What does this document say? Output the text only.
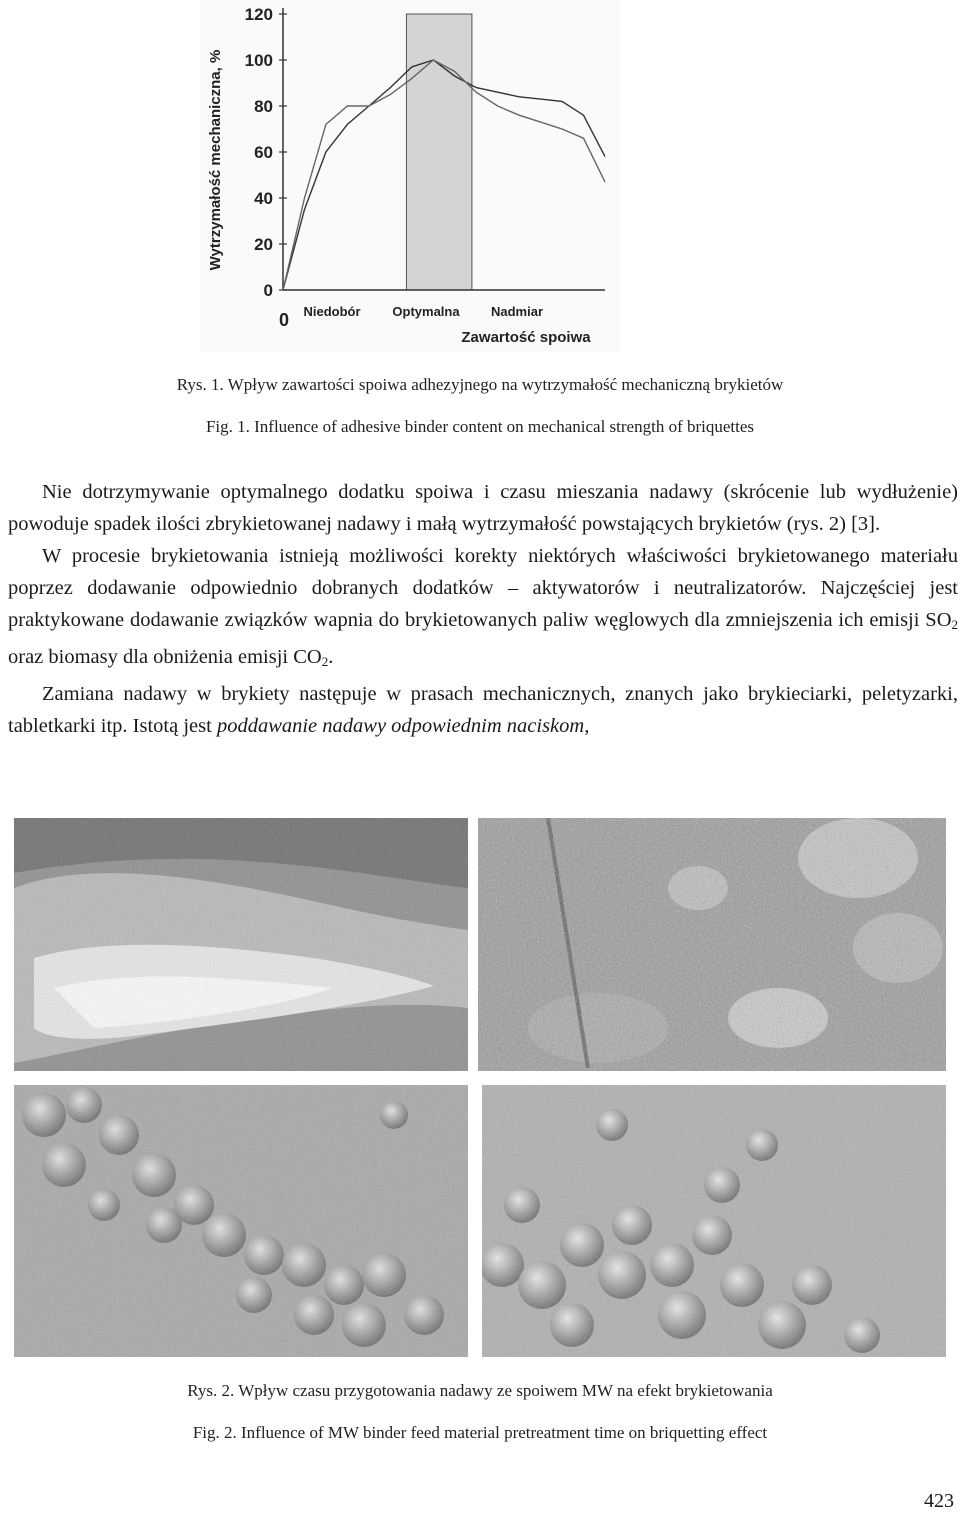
0
20
40
60
80
100
120
Wytrzymałość mechaniczna, %
Zawartość spoiwa
0 Niedobór Optymalna Nadmiar
Rys. 1. Wpływ zawartości spoiwa adhezyjnego na wytrzymałość mechaniczną brykietów
Fig. 1. Influence of adhesive binder content on mechanical strength of briquettes

Nie dotrzymywanie optymalnego dodatku spoiwa i czasu mieszania nadawy (skrócenie lub wydłużenie) powoduje spadek ilości zbrykietowanej nadawy i małą wytrzymałość powstających brykietów (rys. 2) [3].

W procesie brykietowania istnieją możliwości korekty niektórych właściwości brykietowanego materiału poprzez dodawanie odpowiednio dobranych dodatków – aktywatorów i neutralizatorów. Najczęściej jest praktykowane dodawanie związków wapnia do brykietowanych paliw węglowych dla zmniejszenia ich emisji $SO_2$ oraz biomasy dla obniżenia emisji $CO_2$.

Zamiana nadawy w brykiety następuje w prasach mechanicznych, znanych jako brykieciarki, peletyzarki, tabletkarki itp. Istotą jest poddawanie nadawy odpowiednim naciskom,

Rys. 2. Wpływ czasu przygotowania nadawy ze spoiwem MW na efekt brykietowania
Fig. 2. Influence of MW binder feed material pretreatment time on briquetting effect
423
